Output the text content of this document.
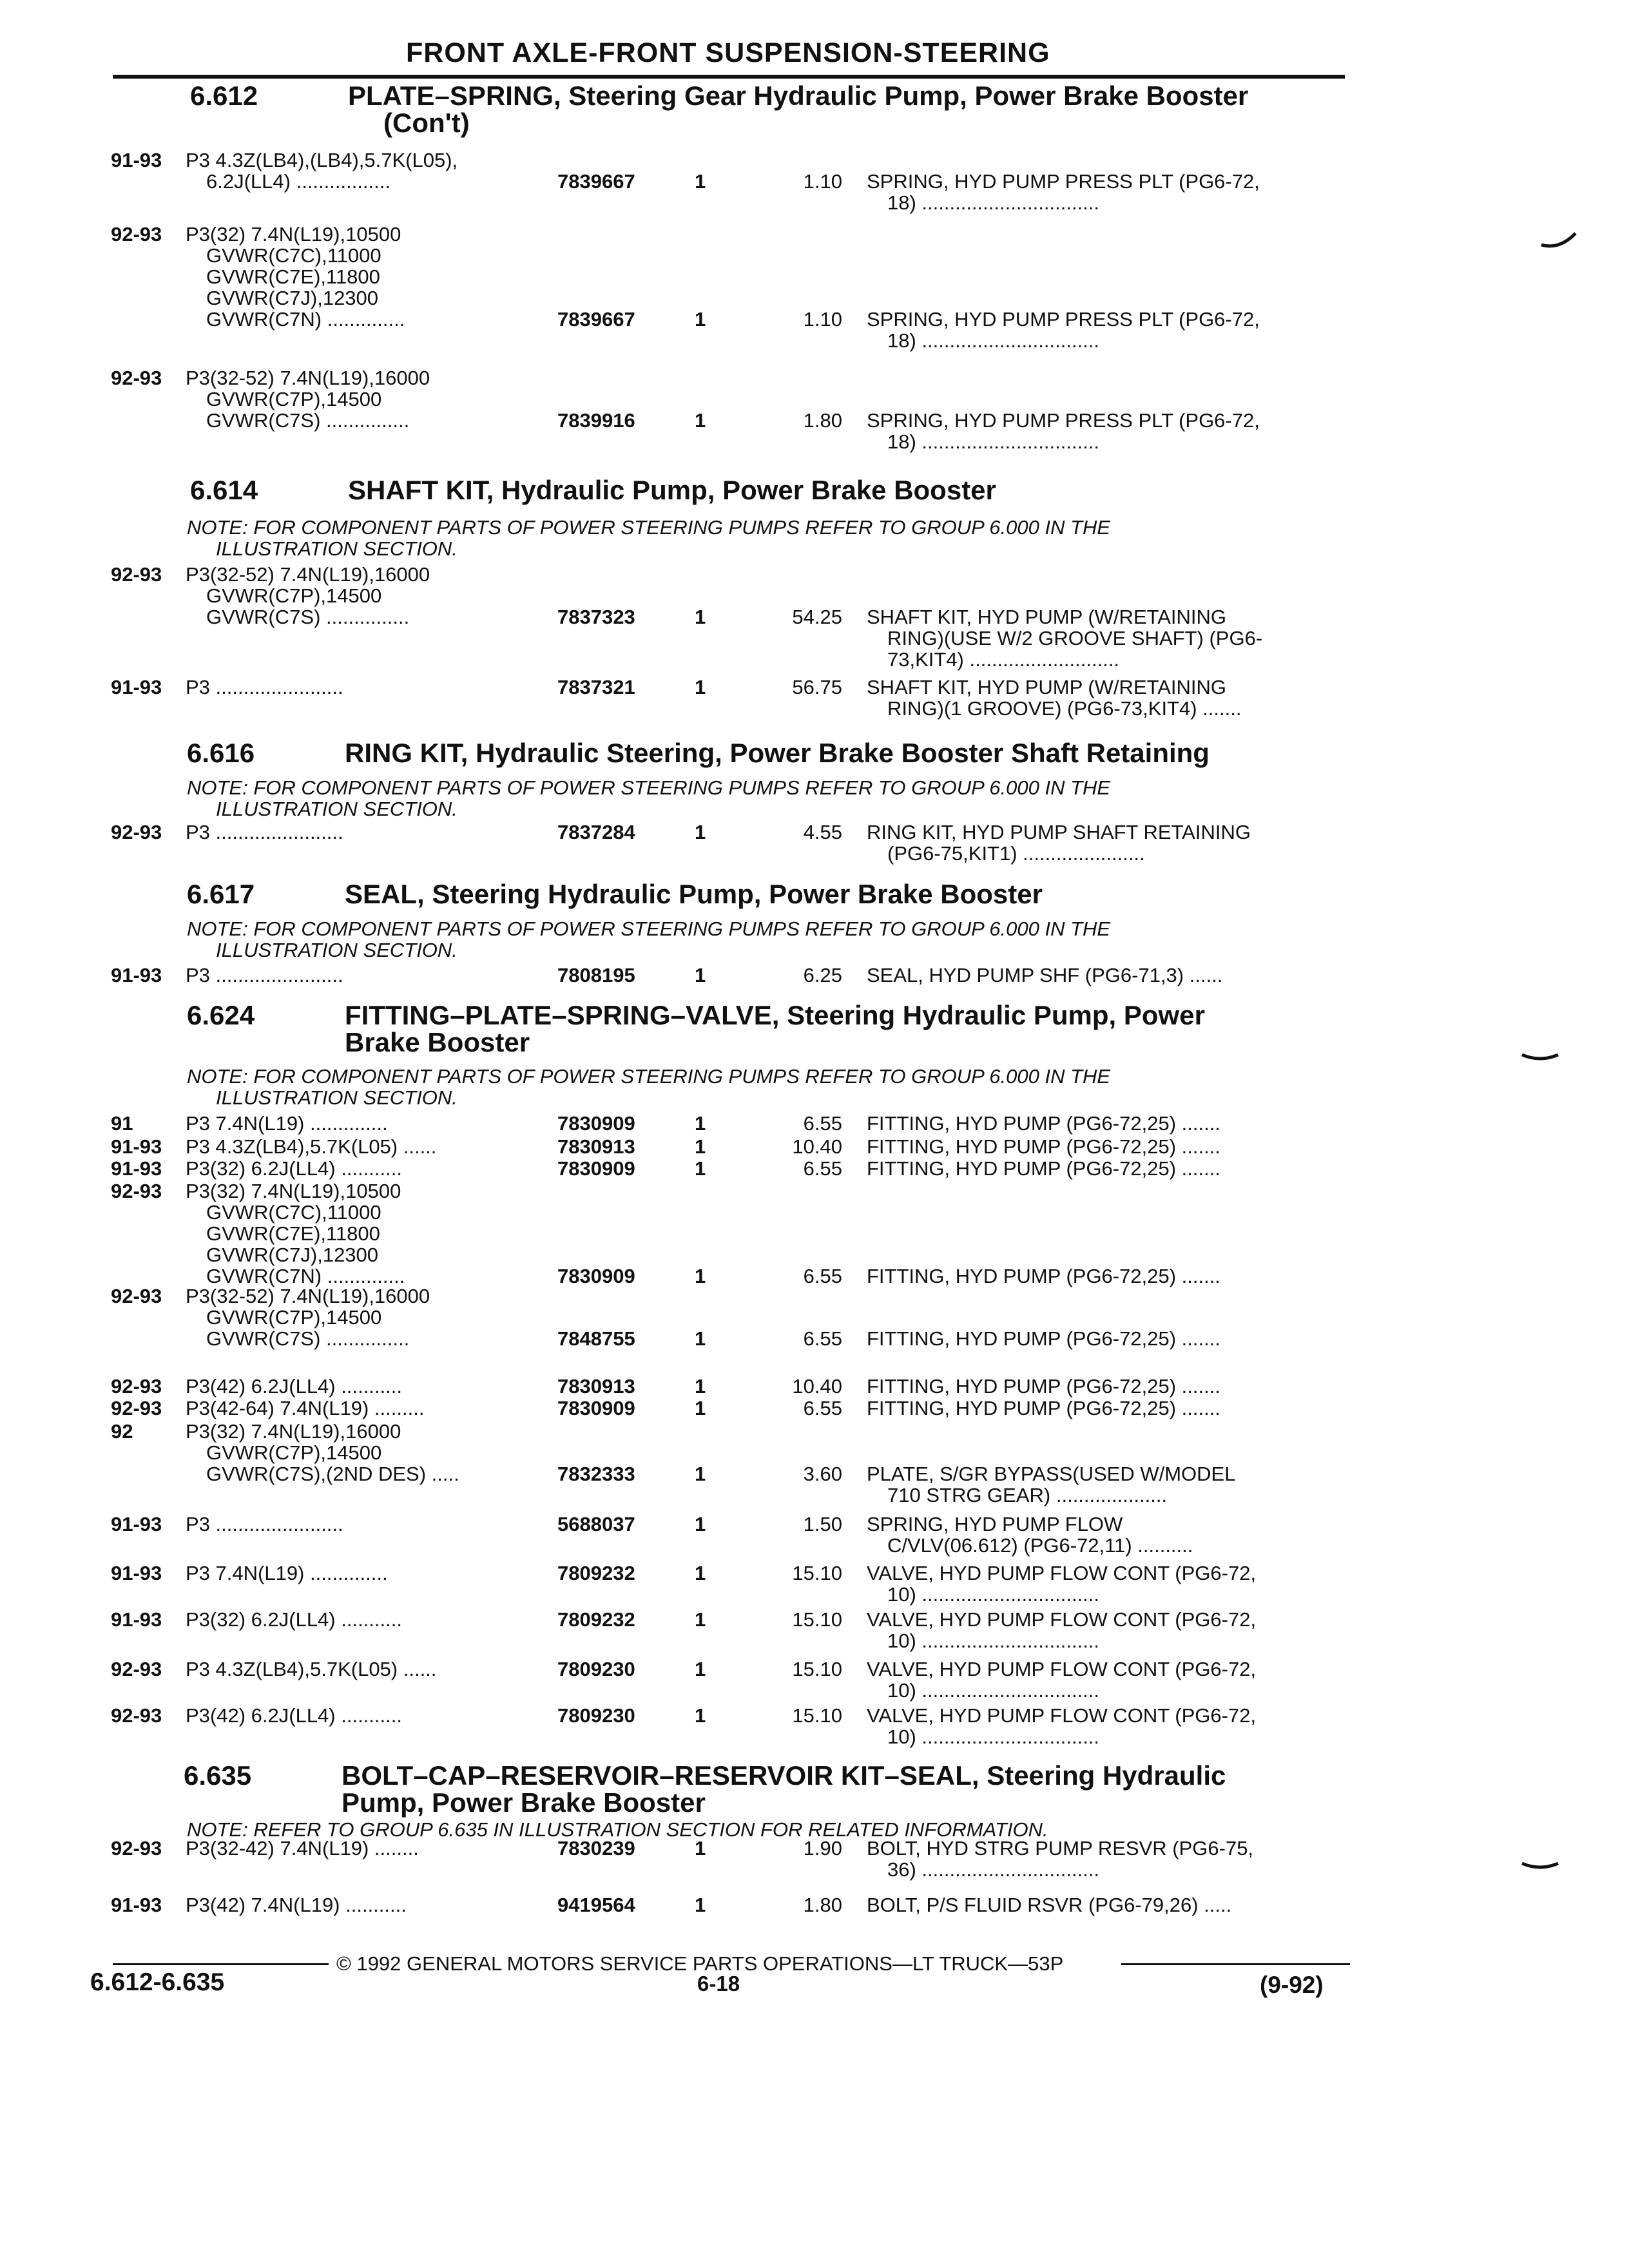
FRONT AXLE-FRONT SUSPENSION-STEERING
© 1992 GENERAL MOTORS SERVICE PARTS OPERATIONS—LT TRUCK—53P
6.612-6.635	6-18	(9-92)
6.612	PLATE–SPRING, Steering Gear Hydraulic Pump, Power Brake Booster
(Con't)
91-93 P3 4.3Z(LB4),(LB4),5.7K(L05),
6.2J(LL4) .................	7839667	1	1.10 SPRING, HYD PUMP PRESS PLT (PG6-72,
18) ................................
92-93 P3(32) 7.4N(L19),10500
GVWR(C7C),11000
GVWR(C7E),11800
GVWR(C7J),12300
GVWR(C7N) ..............	7839667	1	1.10 SPRING, HYD PUMP PRESS PLT (PG6-72,
18) ................................
92-93 P3(32-52) 7.4N(L19),16000
GVWR(C7P),14500
GVWR(C7S) ...............	7839916	1	1.80 SPRING, HYD PUMP PRESS PLT (PG6-72,
18) ................................
6.614	SHAFT KIT, Hydraulic Pump, Power Brake Booster
NOTE: FOR COMPONENT PARTS OF POWER STEERING PUMPS REFER TO GROUP 6.000 IN THE
ILLUSTRATION SECTION.
92-93 P3(32-52) 7.4N(L19),16000
GVWR(C7P),14500
GVWR(C7S) ...............	7837323	1	54.25 SHAFT KIT, HYD PUMP (W/RETAINING
RING)(USE W/2 GROOVE SHAFT) (PG6-
73,KIT4) ...........................
91-93 P3 .......................	7837321	1	56.75 SHAFT KIT, HYD PUMP (W/RETAINING
RING)(1 GROOVE) (PG6-73,KIT4) .......
6.616	RING KIT, Hydraulic Steering, Power Brake Booster Shaft Retaining
NOTE: FOR COMPONENT PARTS OF POWER STEERING PUMPS REFER TO GROUP 6.000 IN THE
ILLUSTRATION SECTION.
92-93 P3 .......................	7837284	1	4.55 RING KIT, HYD PUMP SHAFT RETAINING
(PG6-75,KIT1) ......................
6.617	SEAL, Steering Hydraulic Pump, Power Brake Booster
NOTE: FOR COMPONENT PARTS OF POWER STEERING PUMPS REFER TO GROUP 6.000 IN THE
ILLUSTRATION SECTION.
91-93 P3 .......................	7808195	1	6.25 SEAL, HYD PUMP SHF (PG6-71,3) ......
6.624	FITTING–PLATE–SPRING–VALVE, Steering Hydraulic Pump, Power
Brake Booster
NOTE: FOR COMPONENT PARTS OF POWER STEERING PUMPS REFER TO GROUP 6.000 IN THE
ILLUSTRATION SECTION.
91	P3 7.4N(L19) ..............	7830909	1	6.55 FITTING, HYD PUMP (PG6-72,25) .......
91-93 P3 4.3Z(LB4),5.7K(L05) ......	7830913	1	10.40 FITTING, HYD PUMP (PG6-72,25) .......
91-93 P3(32) 6.2J(LL4) ...........	7830909	1	6.55 FITTING, HYD PUMP (PG6-72,25) .......
92-93 P3(32) 7.4N(L19),10500
GVWR(C7C),11000
GVWR(C7E),11800
GVWR(C7J),12300
GVWR(C7N) ..............	7830909	1	6.55 FITTING, HYD PUMP (PG6-72,25) .......
92-93 P3(32-52) 7.4N(L19),16000
GVWR(C7P),14500
GVWR(C7S) ...............	7848755	1	6.55 FITTING, HYD PUMP (PG6-72,25) .......
92-93 P3(42) 6.2J(LL4) ...........	7830913	1	10.40 FITTING, HYD PUMP (PG6-72,25) .......
92-93 P3(42-64) 7.4N(L19) .........	7830909	1	6.55 FITTING, HYD PUMP (PG6-72,25) .......
92	P3(32) 7.4N(L19),16000
GVWR(C7P),14500
GVWR(C7S),(2ND DES) .....	7832333	1	3.60 PLATE, S/GR BYPASS(USED W/MODEL
710 STRG GEAR) ....................
91-93 P3 .......................	5688037	1	1.50 SPRING, HYD PUMP FLOW
C/VLV(06.612) (PG6-72,11) ..........
91-93 P3 7.4N(L19) ..............	7809232	1	15.10 VALVE, HYD PUMP FLOW CONT (PG6-72,
10) ................................
91-93 P3(32) 6.2J(LL4) ...........	7809232	1	15.10 VALVE, HYD PUMP FLOW CONT (PG6-72,
10) ................................
92-93 P3 4.3Z(LB4),5.7K(L05) ......	7809230	1	15.10 VALVE, HYD PUMP FLOW CONT (PG6-72,
10) ................................
92-93 P3(42) 6.2J(LL4) ...........	7809230	1	15.10 VALVE, HYD PUMP FLOW CONT (PG6-72,
10) ................................
6.635	BOLT–CAP–RESERVOIR–RESERVOIR KIT–SEAL, Steering Hydraulic
Pump, Power Brake Booster
NOTE: REFER TO GROUP 6.635 IN ILLUSTRATION SECTION FOR RELATED INFORMATION.
92-93 P3(32-42) 7.4N(L19) ........	7830239	1	1.90 BOLT, HYD STRG PUMP RESVR (PG6-75,
36) ................................
91-93 P3(42) 7.4N(L19) ...........	9419564	1	1.80 BOLT, P/S FLUID RSVR (PG6-79,26) .....
